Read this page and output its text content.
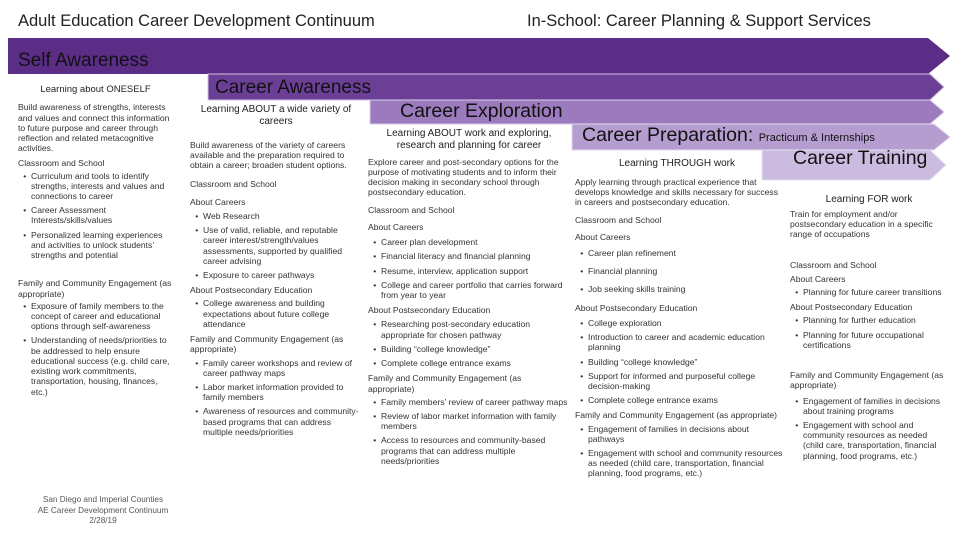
Adult Education Career Development Continuum	In-School: Career Planning & Support Services
Self Awareness
Career Awareness
Career Exploration
Career Preparation: Practicum & Internships
Career Training
Learning about ONESELF
Build awareness of strengths, interests and values and connect this information to future purpose and career through reflection and related metacognitive activities.
Classroom and School
• Curriculum and tools to identify strengths, interests and values and connections to career
• Career Assessment Interests/skills/values
• Personalized learning experiences and activities to unlock students’ strengths and potential
Family and Community Engagement (as appropriate)
• Exposure of family members to the concept of career and educational options through self-awareness
• Understanding of needs/priorities to be addressed to help ensure educational success (e.g. child care, existing work commitments, transportation, housing, finances, etc.)
Learning ABOUT a wide variety of careers
Build awareness of the variety of careers available and the preparation required to obtain a career; broaden student options.
Classroom and School
About Careers
• Web Research
• Use of valid, reliable, and reputable career interest/strength/values assessments, supported by qualified career advising
• Exposure to career pathways
About Postsecondary Education
• College awareness and building expectations about future college attendance
Family and Community Engagement (as appropriate)
• Family career workshops and review of career pathway maps
• Labor market information provided to family members
• Awareness of resources and community-based programs that can address multiple needs/priorities
Learning ABOUT work and exploring, research and planning for career
Explore career and post-secondary options for the purpose of motivating students and to inform their decision making in secondary school through postsecondary education.
Classroom and School
About Careers
• Career plan development
• Financial literacy and financial planning
• Resume, interview, application support
• College and career portfolio that carries forward from year to year
About Postsecondary Education
• Researching post-secondary education appropriate for chosen pathway
• Building “college knowledge”
• Complete college entrance exams
Family and Community Engagement (as appropriate)
• Family members’ review of career pathway maps
• Review of labor market information with family members
• Access to resources and community-based programs that can address multiple needs/priorities
Learning THROUGH work
Apply learning through practical experience that develops knowledge and skills necessary for success in careers and postsecondary education.
Classroom and School
About Careers
• Career plan refinement
• Financial planning
• Job seeking skills training
About Postsecondary Education
• College exploration
• Introduction to career and academic education planning
• Building “college knowledge”
• Support for informed and purposeful college decision-making
• Complete college entrance exams
Family and Community Engagement (as appropriate)
• Engagement of families in decisions about pathways
• Engagement with school and community resources as needed (child care, transportation, financial planning, food programs, etc.)
Learning FOR work
Train for employment and/or postsecondary education in a specific range of occupations
Classroom and School
About Careers
• Planning for future career transitions
About Postsecondary Education
• Planning for further education
• Planning for future occupational certifications
Family and Community Engagement (as appropriate)
• Engagement of families in decisions about training programs
• Engagement with school and community resources as needed (child care, transportation, financial planning, food programs, etc.)
San Diego and Imperial Counties
AE Career Development Continuum
2/28/19
